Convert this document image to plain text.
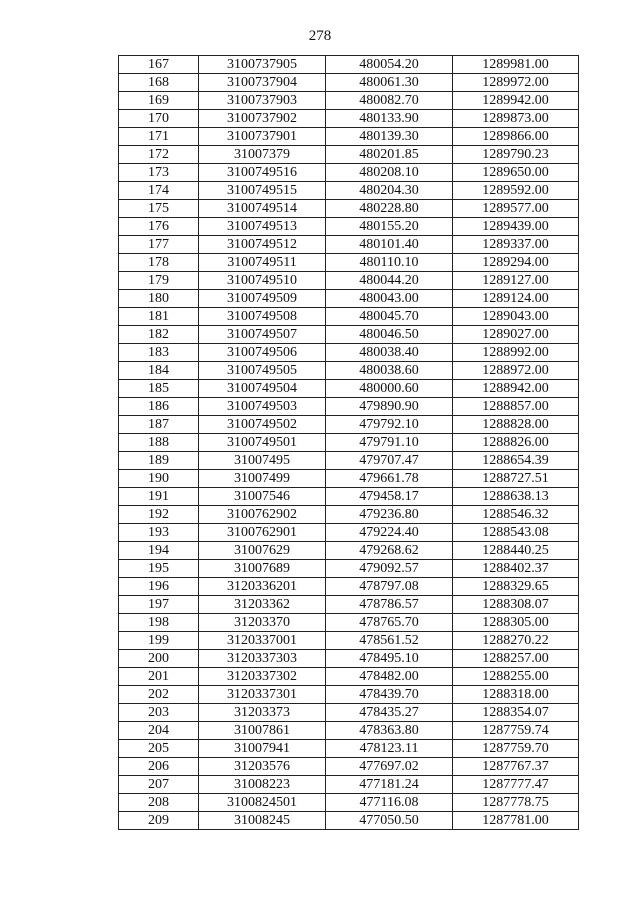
278
167	3100737905	480054.20	1289981.00
168	3100737904	480061.30	1289972.00
169	3100737903	480082.70	1289942.00
170	3100737902	480133.90	1289873.00
171	3100737901	480139.30	1289866.00
172	31007379	480201.85	1289790.23
173	3100749516	480208.10	1289650.00
174	3100749515	480204.30	1289592.00
175	3100749514	480228.80	1289577.00
176	3100749513	480155.20	1289439.00
177	3100749512	480101.40	1289337.00
178	3100749511	480110.10	1289294.00
179	3100749510	480044.20	1289127.00
180	3100749509	480043.00	1289124.00
181	3100749508	480045.70	1289043.00
182	3100749507	480046.50	1289027.00
183	3100749506	480038.40	1288992.00
184	3100749505	480038.60	1288972.00
185	3100749504	480000.60	1288942.00
186	3100749503	479890.90	1288857.00
187	3100749502	479792.10	1288828.00
188	3100749501	479791.10	1288826.00
189	31007495	479707.47	1288654.39
190	31007499	479661.78	1288727.51
191	31007546	479458.17	1288638.13
192	3100762902	479236.80	1288546.32
193	3100762901	479224.40	1288543.08
194	31007629	479268.62	1288440.25
195	31007689	479092.57	1288402.37
196	3120336201	478797.08	1288329.65
197	31203362	478786.57	1288308.07
198	31203370	478765.70	1288305.00
199	3120337001	478561.52	1288270.22
200	3120337303	478495.10	1288257.00
201	3120337302	478482.00	1288255.00
202	3120337301	478439.70	1288318.00
203	31203373	478435.27	1288354.07
204	31007861	478363.80	1287759.74
205	31007941	478123.11	1287759.70
206	31203576	477697.02	1287767.37
207	31008223	477181.24	1287777.47
208	3100824501	477116.08	1287778.75
209	31008245	477050.50	1287781.00
